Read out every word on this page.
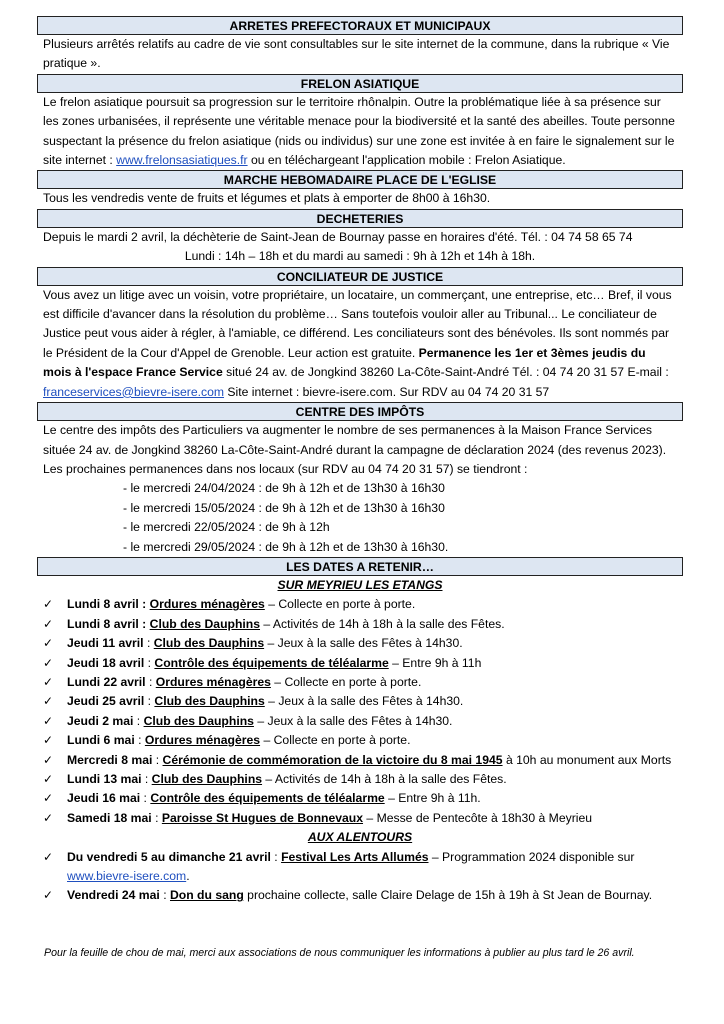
ARRETES PREFECTORAUX ET MUNICIPAUX

Plusieurs arrêtés relatifs au cadre de vie sont consultables sur le site internet de la commune, dans la rubrique « Vie pratique ».

FRELON ASIATIQUE

Le frelon asiatique poursuit sa progression sur le territoire rhônalpin. Outre la problématique liée à sa présence sur les zones urbanisées, il représente une véritable menace pour la biodiversité et la santé des abeilles. Toute personne suspectant la présence du frelon asiatique (nids ou individus) sur une zone est invitée à en faire le signalement sur le site internet : www.frelonsasiatiques.fr ou en téléchargeant l'application mobile : Frelon Asiatique.

MARCHE HEBOMADAIRE PLACE DE L'EGLISE

Tous les vendredis vente de fruits et légumes et plats à emporter de 8h00 à 16h30.

DECHETERIES

Depuis le mardi 2 avril, la déchèterie de Saint-Jean de Bournay passe en horaires d'été. Tél. : 04 74 58 65 74

Lundi : 14h – 18h et du mardi au samedi : 9h à 12h et 14h à 18h.

CONCILIATEUR DE JUSTICE

Vous avez un litige avec un voisin, votre propriétaire, un locataire, un commerçant, une entreprise, etc… Bref, il vous est difficile d'avancer dans la résolution du problème… Sans toutefois vouloir aller au Tribunal... Le conciliateur de Justice peut vous aider à régler, à l'amiable, ce différend. Les conciliateurs sont des bénévoles. Ils sont nommés par le Président de la Cour d'Appel de Grenoble. Leur action est gratuite. Permanence les 1er et 3èmes jeudis du mois à l'espace France Service situé 24 av. de Jongkind 38260 La-Côte-Saint-André Tél. : 04 74 20 31 57 E-mail : franceservices@bievre-isere.com Site internet : bievre-isere.com. Sur RDV au 04 74 20 31 57

CENTRE DES IMPÔTS

Le centre des impôts des Particuliers va augmenter le nombre de ses permanences à la Maison France Services située 24 av. de Jongkind 38260 La-Côte-Saint-André durant la campagne de déclaration 2024 (des revenus 2023).

Les prochaines permanences dans nos locaux (sur RDV au 04 74 20 31 57) se tiendront :

- le mercredi 24/04/2024 : de 9h à 12h et de 13h30 à 16h30
- le mercredi 15/05/2024 : de 9h à 12h et de 13h30 à 16h30
- le mercredi 22/05/2024 : de 9h à 12h
- le mercredi 29/05/2024 : de 9h à 12h et de 13h30 à 16h30.
LES DATES A RETENIR…
SUR MEYRIEU LES ETANGS
✓ Lundi 8 avril : Ordures ménagères – Collecte en porte à porte.
✓ Lundi 8 avril : Club des Dauphins – Activités de 14h à 18h à la salle des Fêtes.
✓ Jeudi 11 avril : Club des Dauphins – Jeux à la salle des Fêtes à 14h30.
✓ Jeudi 18 avril : Contrôle des équipements de téléalarme – Entre 9h à 11h
✓ Lundi 22 avril : Ordures ménagères – Collecte en porte à porte.
✓ Jeudi 25 avril : Club des Dauphins – Jeux à la salle des Fêtes à 14h30.
✓ Jeudi 2 mai : Club des Dauphins – Jeux à la salle des Fêtes à 14h30.
✓ Lundi 6 mai : Ordures ménagères – Collecte en porte à porte.
✓ Mercredi 8 mai : Cérémonie de commémoration de la victoire du 8 mai 1945 à 10h au monument aux Morts
✓ Lundi 13 mai : Club des Dauphins – Activités de 14h à 18h à la salle des Fêtes.
✓ Jeudi 16 mai : Contrôle des équipements de téléalarme – Entre 9h à 11h.
✓ Samedi 18 mai : Paroisse St Hugues de Bonnevaux – Messe de Pentecôte à 18h30 à Meyrieu
AUX ALENTOURS
✓ Du vendredi 5 au dimanche 21 avril : Festival Les Arts Allumés – Programmation 2024 disponible sur www.bievre-isere.com.
✓ Vendredi 24 mai : Don du sang prochaine collecte, salle Claire Delage de 15h à 19h à St Jean de Bournay.
Pour la feuille de chou de mai, merci aux associations de nous communiquer les informations à publier au plus tard le 26 avril.
